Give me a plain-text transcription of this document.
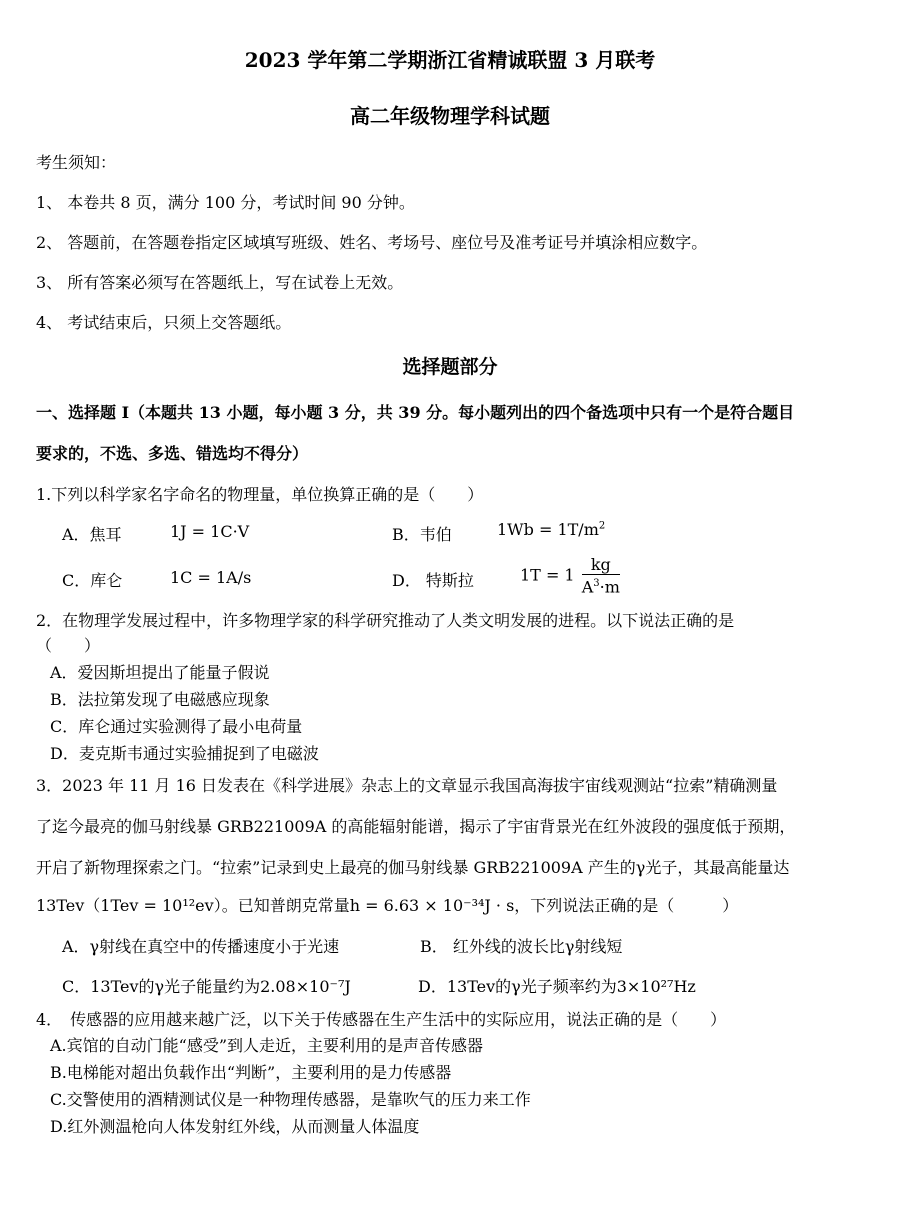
2023 学年第二学期浙江省精诚联盟 3 月联考
高二年级物理学科试题
考生须知：
1、 本卷共 8 页，满分 100 分，考试时间 90 分钟。
2、 答题前，在答题卷指定区域填写班级、姓名、考场号、座位号及准考证号并填涂相应数字。
3、 所有答案必须写在答题纸上，写在试卷上无效。
4、 考试结束后，只须上交答题纸。
选择题部分
一、选择题 I（本题共 13 小题，每小题 3 分，共 39 分。每小题列出的四个备选项中只有一个是符合题目
要求的，不选、多选、错选均不得分）
1.下列以科学家名字命名的物理量，单位换算正确的是（　　）
A．焦耳	1J = 1C·V	B．韦伯	$1Wb = 1T/m^2$
C．库仑	1C = 1A/s	D． 特斯拉	$1T = 1 \frac{kg}{A^3\cdot m}$
2．在物理学发展过程中，许多物理学家的科学研究推动了人类文明发展的进程。以下说法正确的是
（　　）
A．爱因斯坦提出了能量子假说
B．法拉第发现了电磁感应现象
C．库仑通过实验测得了最小电荷量
D．麦克斯韦通过实验捕捉到了电磁波
3．2023 年 11 月 16 日发表在《科学进展》杂志上的文章显示我国高海拔宇宙线观测站“拉索”精确测量
了迄今最亮的伽马射线暴 GRB221009A 的高能辐射能谱，揭示了宇宙背景光在红外波段的强度低于预期，
开启了新物理探索之门。“拉索”记录到史上最亮的伽马射线暴 GRB221009A 产生的γ光子，其最高能量达
13Tev（1Tev = 10¹²ev）。已知普朗克常量h = 6.63 × 10⁻³⁴J · s，下列说法正确的是（　　　）
A．γ射线在真空中的传播速度小于光速	B． 红外线的波长比γ射线短
C．13Tev的γ光子能量约为2.08×10⁻⁷J	D．13Tev的γ光子频率约为3×10²⁷Hz
4．　传感器的应用越来越广泛，以下关于传感器在生产生活中的实际应用，说法正确的是（　　）
A.宾馆的自动门能“感受”到人走近，主要利用的是声音传感器
B.电梯能对超出负载作出“判断”，主要利用的是力传感器
C.交警使用的酒精测试仪是一种物理传感器，是靠吹气的压力来工作
D.红外测温枪向人体发射红外线，从而测量人体温度
